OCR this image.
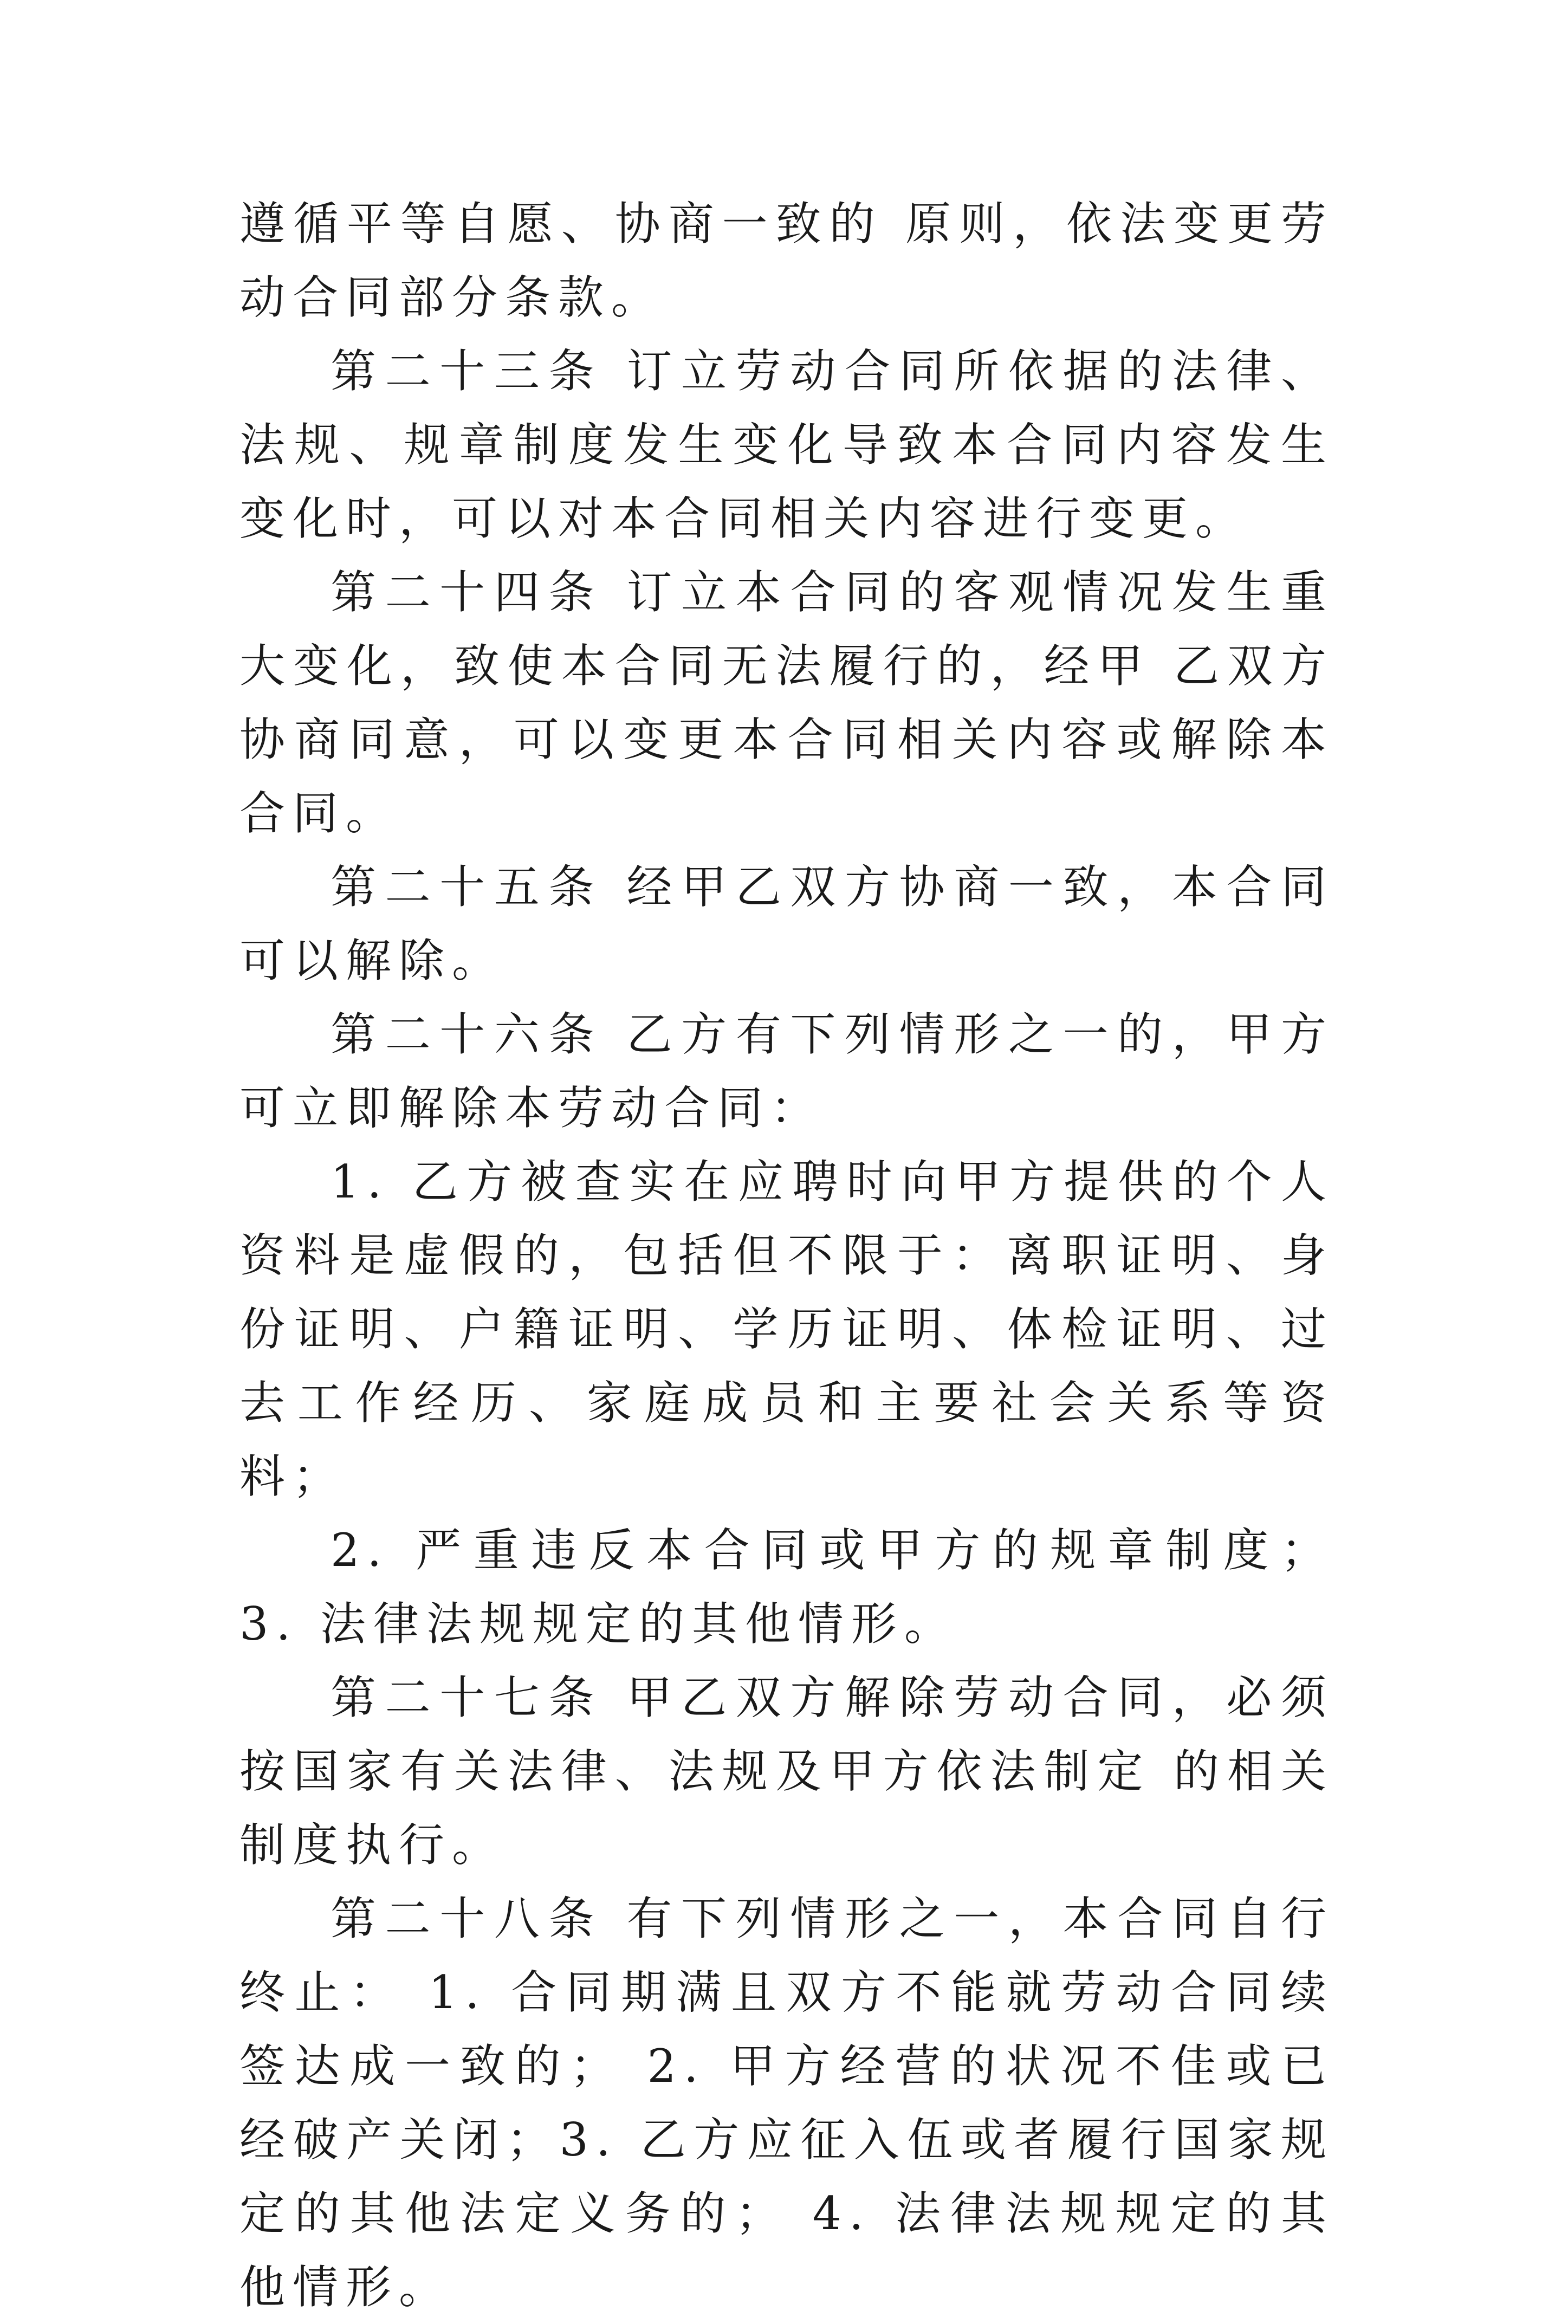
遵循平等自愿、协商一致的 原则，依法变更劳动合同部分条款。

第二十三条 订立劳动合同所依据的法律、法规、规章制度发生变化导致本合同内容发生变化时，可以对本合同相关内容进行变更。

第二十四条 订立本合同的客观情况发生重大变化，致使本合同无法履行的，经甲 乙双方协商同意，可以变更本合同相关内容或解除本合同。

第二十五条 经甲乙双方协商一致，本合同可以解除。

第二十六条 乙方有下列情形之一的，甲方可立即解除本劳动合同：

1. 乙方被查实在应聘时向甲方提供的个人资料是虚假的，包括但不限于：离职证明、身份证明、户籍证明、学历证明、体检证明、过去工作经历、家庭成员和主要社会关系等资料；

2. 严重违反本合同或甲方的规章制度； 3. 法律法规规定的其他情形。

第二十七条 甲乙双方解除劳动合同，必须按国家有关法律、法规及甲方依法制定 的相关制度执行。

第二十八条 有下列情形之一，本合同自行终止： 1. 合同期满且双方不能就劳动合同续签达成一致的； 2. 甲方经营的状况不佳或已经破产关闭；3. 乙方应征入伍或者履行国家规定的其他法定义务的； 4. 法律法规规定的其他情形。
